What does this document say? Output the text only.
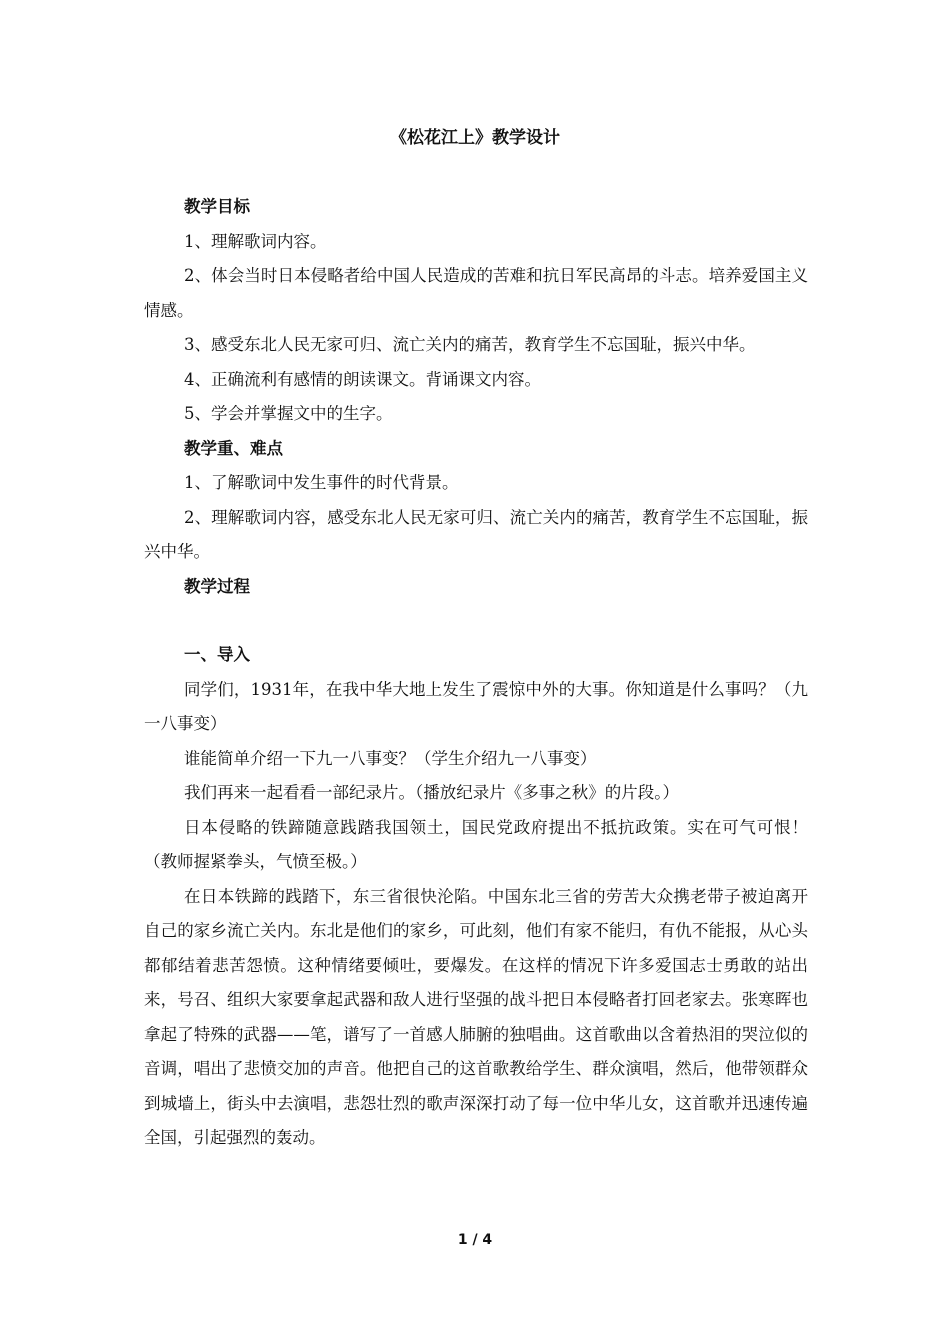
《松花江上》教学设计
教学目标

1、理解歌词内容。

2、体会当时日本侵略者给中国人民造成的苦难和抗日军民高昂的斗志。培养爱国主义情感。

3、感受东北人民无家可归、流亡关内的痛苦，教育学生不忘国耻，振兴中华。

4、正确流利有感情的朗读课文。背诵课文内容。

5、学会并掌握文中的生字。

教学重、难点

1、了解歌词中发生事件的时代背景。

2、理解歌词内容，感受东北人民无家可归、流亡关内的痛苦，教育学生不忘国耻，振兴中华。

教学过程
一、导入

同学们，1931年，在我中华大地上发生了震惊中外的大事。你知道是什么事吗？（九一八事变）

谁能简单介绍一下九一八事变？（学生介绍九一八事变）

我们再来一起看看一部纪录片。（播放纪录片《多事之秋》的片段。）

日本侵略的铁蹄随意践踏我国领土，国民党政府提出不抵抗政策。实在可气可恨！（教师握紧拳头，气愤至极。）

在日本铁蹄的践踏下，东三省很快沦陷。中国东北三省的劳苦大众携老带子被迫离开自己的家乡流亡关内。东北是他们的家乡，可此刻，他们有家不能归，有仇不能报，从心头都郁结着悲苦怨愤。这种情绪要倾吐，要爆发。在这样的情况下许多爱国志士勇敢的站出来，号召、组织大家要拿起武器和敌人进行坚强的战斗把日本侵略者打回老家去。张寒晖也拿起了特殊的武器——笔，谱写了一首感人肺腑的独唱曲。这首歌曲以含着热泪的哭泣似的音调，唱出了悲愤交加的声音。他把自己的这首歌教给学生、群众演唱，然后，他带领群众到城墙上，街头中去演唱，悲怨壮烈的歌声深深打动了每一位中华儿女，这首歌并迅速传遍全国，引起强烈的轰动。

1 / 4
